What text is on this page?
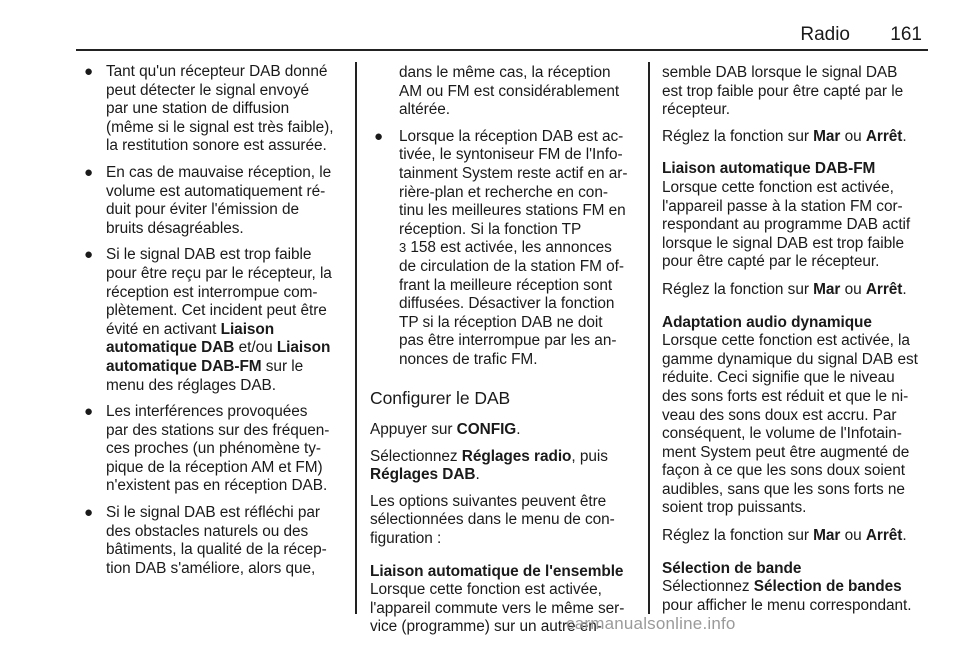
Radio 161
● Tant qu'un récepteur DAB donné
peut détecter le signal envoyé
par une station de diffusion
(même si le signal est très faible),
la restitution sonore est assurée.
● En cas de mauvaise réception, le
volume est automatiquement ré-
duit pour éviter l'émission de
bruits désagréables.
● Si le signal DAB est trop faible
pour être reçu par le récepteur, la
réception est interrompue com-
plètement. Cet incident peut être
évité en activant Liaison
automatique DAB et/ou Liaison
automatique DAB-FM sur le
menu des réglages DAB.
● Les interférences provoquées
par des stations sur des fréquen-
ces proches (un phénomène ty-
pique de la réception AM et FM)
n'existent pas en réception DAB.
● Si le signal DAB est réfléchi par
des obstacles naturels ou des
bâtiments, la qualité de la récep-
tion DAB s'améliore, alors que,
dans le même cas, la réception
AM ou FM est considérablement
altérée.
● Lorsque la réception DAB est ac-
tivée, le syntoniseur FM de l'Info-
tainment System reste actif en ar-
rière-plan et recherche en con-
tinu les meilleures stations FM en
réception. Si la fonction TP
3 158 est activée, les annonces
de circulation de la station FM of-
frant la meilleure réception sont
diffusées. Désactiver la fonction
TP si la réception DAB ne doit
pas être interrompue par les an-
nonces de trafic FM.
Configurer le DAB
Appuyer sur CONFIG.
Sélectionnez Réglages radio, puis
Réglages DAB.
Les options suivantes peuvent être
sélectionnées dans le menu de con-
figuration :
Liaison automatique de l'ensemble
Lorsque cette fonction est activée,
l'appareil commute vers le même ser-
vice (programme) sur un autre en-
semble DAB lorsque le signal DAB
est trop faible pour être capté par le
récepteur.
Réglez la fonction sur Mar ou Arrêt.
Liaison automatique DAB-FM
Lorsque cette fonction est activée,
l'appareil passe à la station FM cor-
respondant au programme DAB actif
lorsque le signal DAB est trop faible
pour être capté par le récepteur.
Réglez la fonction sur Mar ou Arrêt.
Adaptation audio dynamique
Lorsque cette fonction est activée, la
gamme dynamique du signal DAB est
réduite. Ceci signifie que le niveau
des sons forts est réduit et que le ni-
veau des sons doux est accru. Par
conséquent, le volume de l'Infotain-
ment System peut être augmenté de
façon à ce que les sons doux soient
audibles, sans que les sons forts ne
soient trop puissants.
Réglez la fonction sur Mar ou Arrêt.
Sélection de bande
Sélectionnez Sélection de bandes
pour afficher le menu correspondant.
carmanualsonline.info
